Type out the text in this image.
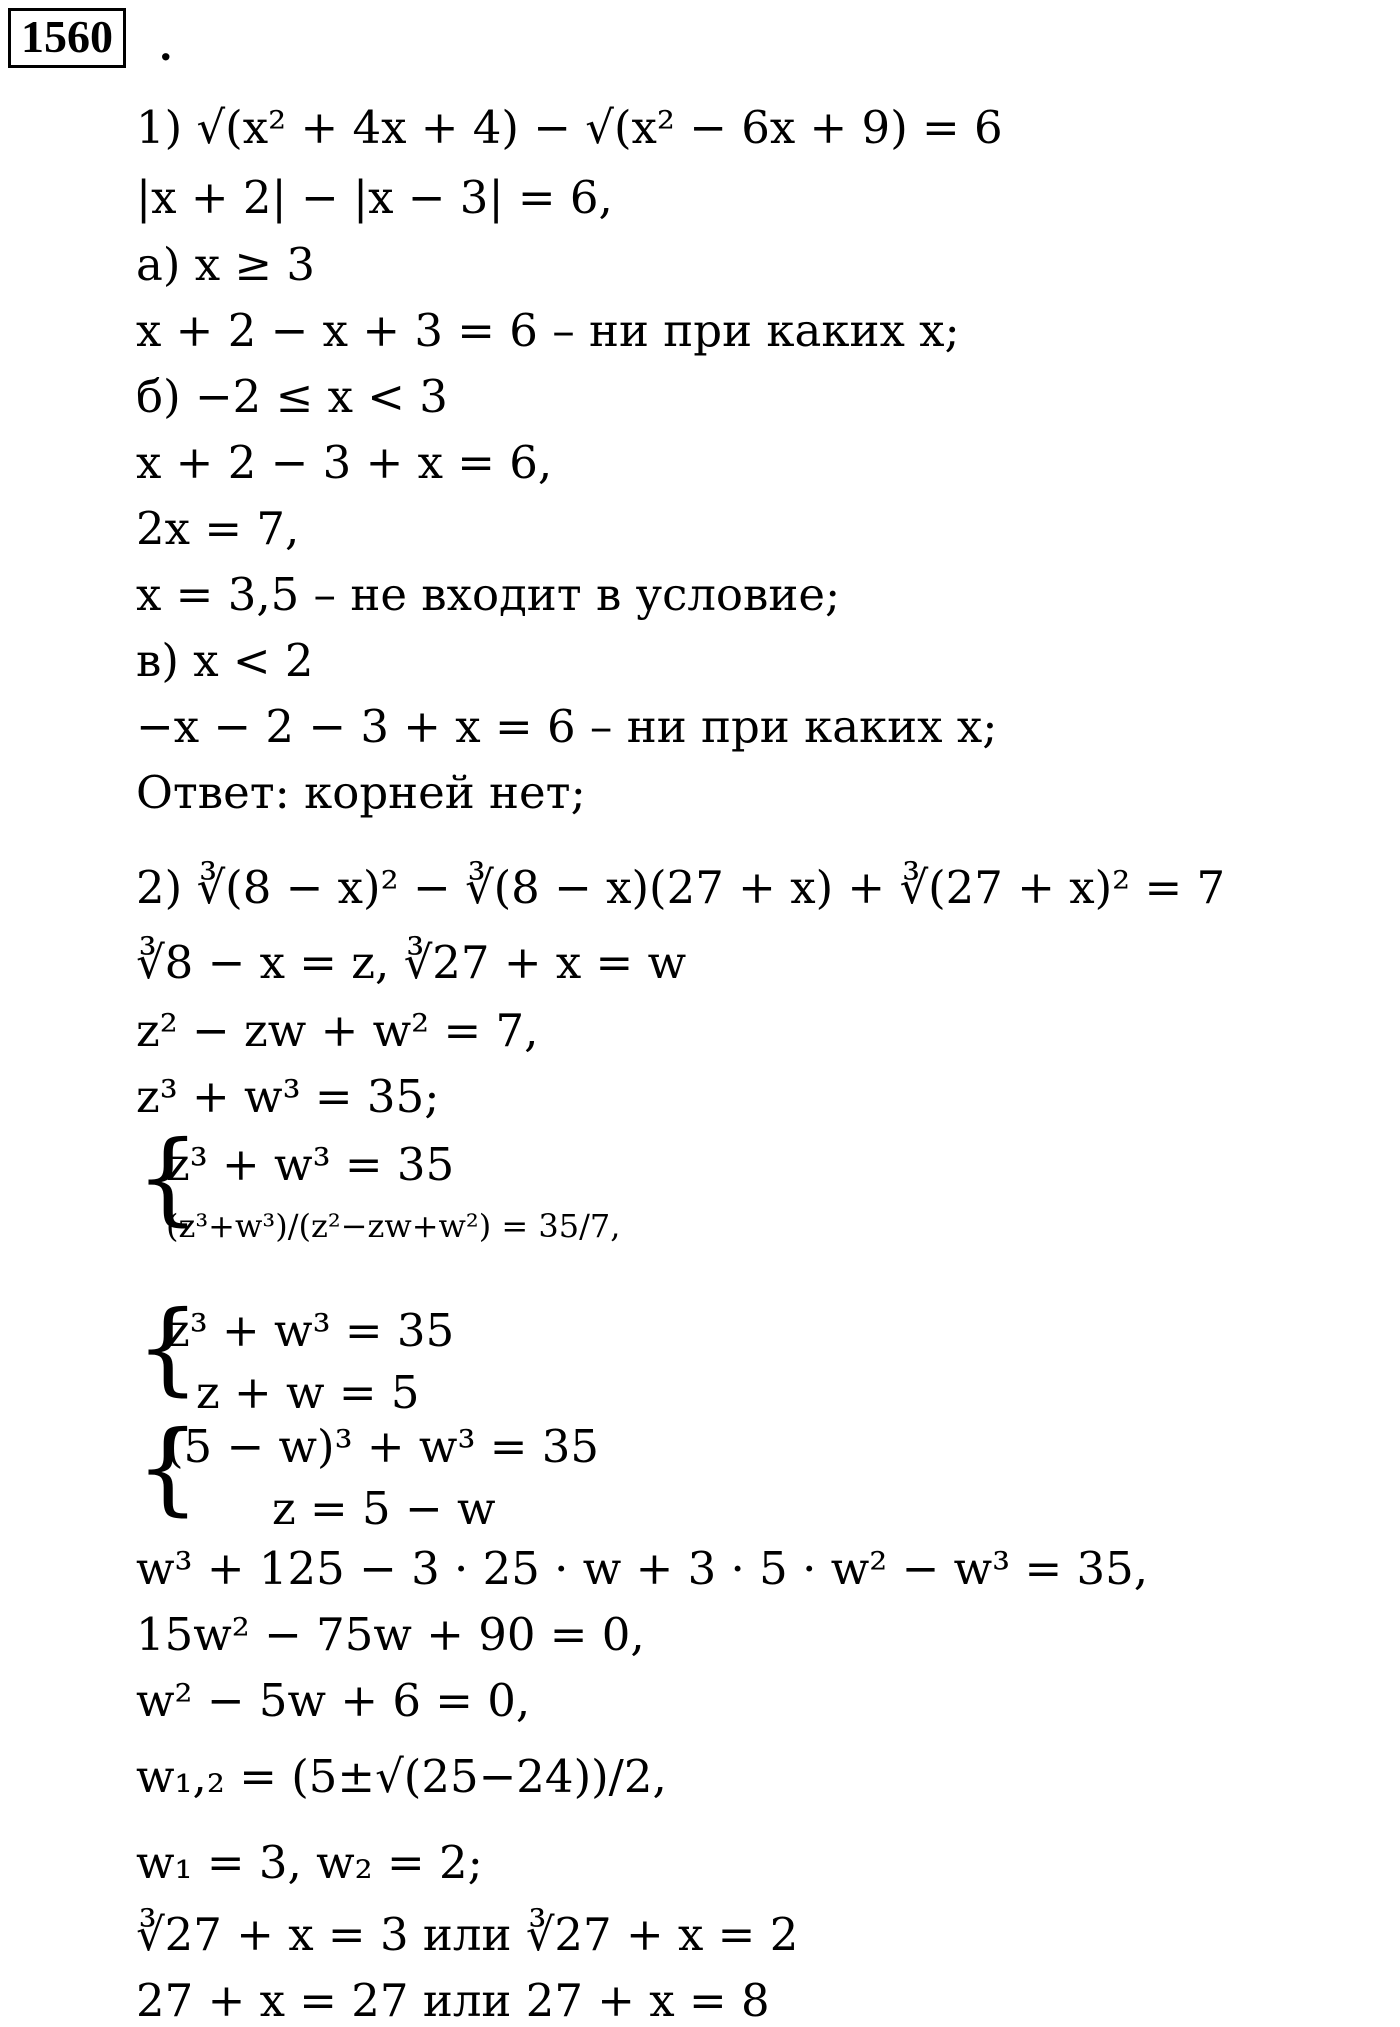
1560 .
1) √(x² + 4x + 4) − √(x² − 6x + 9) = 6
|x + 2| − |x − 3| = 6,
а) x ≥ 3
x + 2 − x + 3 = 6 – ни при каких x;
б) −2 ≤ x < 3
x + 2 − 3 + x = 6,
2x = 7,
x = 3,5 – не входит в условие;
в) x < 2
−x − 2 − 3 + x = 6 – ни при каких x;
Ответ: корней нет;
2) ∛(8 − x)² − ∛(8 − x)(27 + x) + ∛(27 + x)² = 7
∛8 − x = z, ∛27 + x = w
z² − zw + w² = 7,
z³ + w³ = 35;
{
z³ + w³ = 35
(z³+w³)/(z²−zw+w²) = 35/7,
{
z³ + w³ = 35
z + w = 5
{
(5 − w)³ + w³ = 35
z = 5 − w
w³ + 125 − 3 · 25 · w + 3 · 5 · w² − w³ = 35,
15w² − 75w + 90 = 0,
w² − 5w + 6 = 0,
w₁,₂ = (5±√(25−24))/2,
w₁ = 3, w₂ = 2;
∛27 + x = 3 или ∛27 + x = 2
27 + x = 27 или 27 + x = 8
